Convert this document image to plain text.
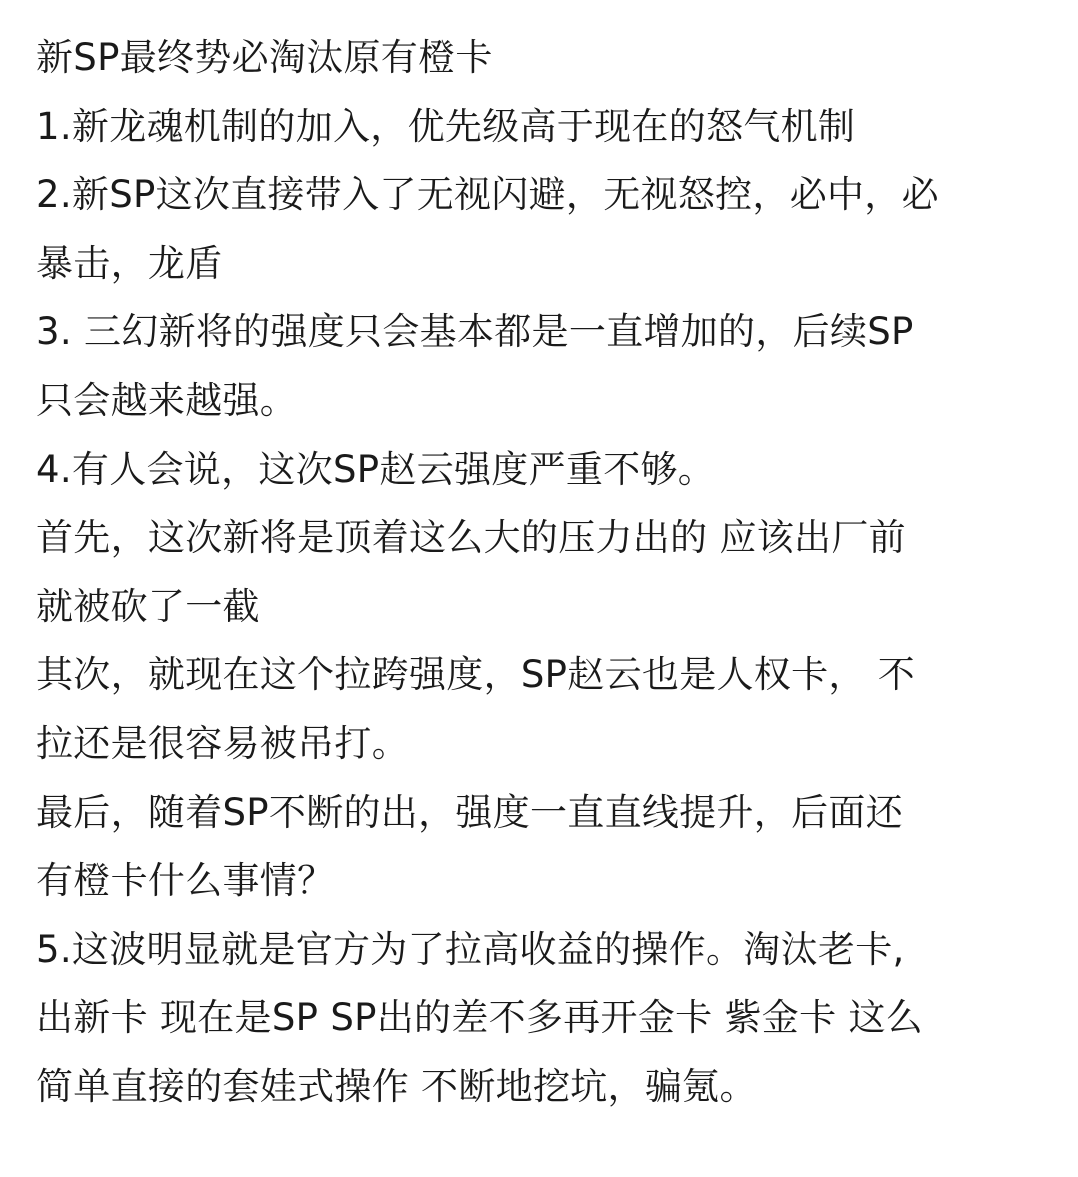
新SP最终势必淘汰原有橙卡
1.新龙魂机制的加入，优先级高于现在的怒气机制
2.新SP这次直接带入了无视闪避，无视怒控，必中，必
暴击，龙盾
3. 三幻新将的强度只会基本都是一直增加的，后续SP
只会越来越强。
4.有人会说，这次SP赵云强度严重不够。
首先，这次新将是顶着这么大的压力出的 应该出厂前
就被砍了一截
其次，就现在这个拉跨强度，SP赵云也是人权卡， 不
拉还是很容易被吊打。
最后，随着SP不断的出，强度一直直线提升，后面还
有橙卡什么事情？
5.这波明显就是官方为了拉高收益的操作。淘汰老卡,
出新卡 现在是SP SP出的差不多再开金卡 紫金卡 这么
简单直接的套娃式操作 不断地挖坑，骗氪。
